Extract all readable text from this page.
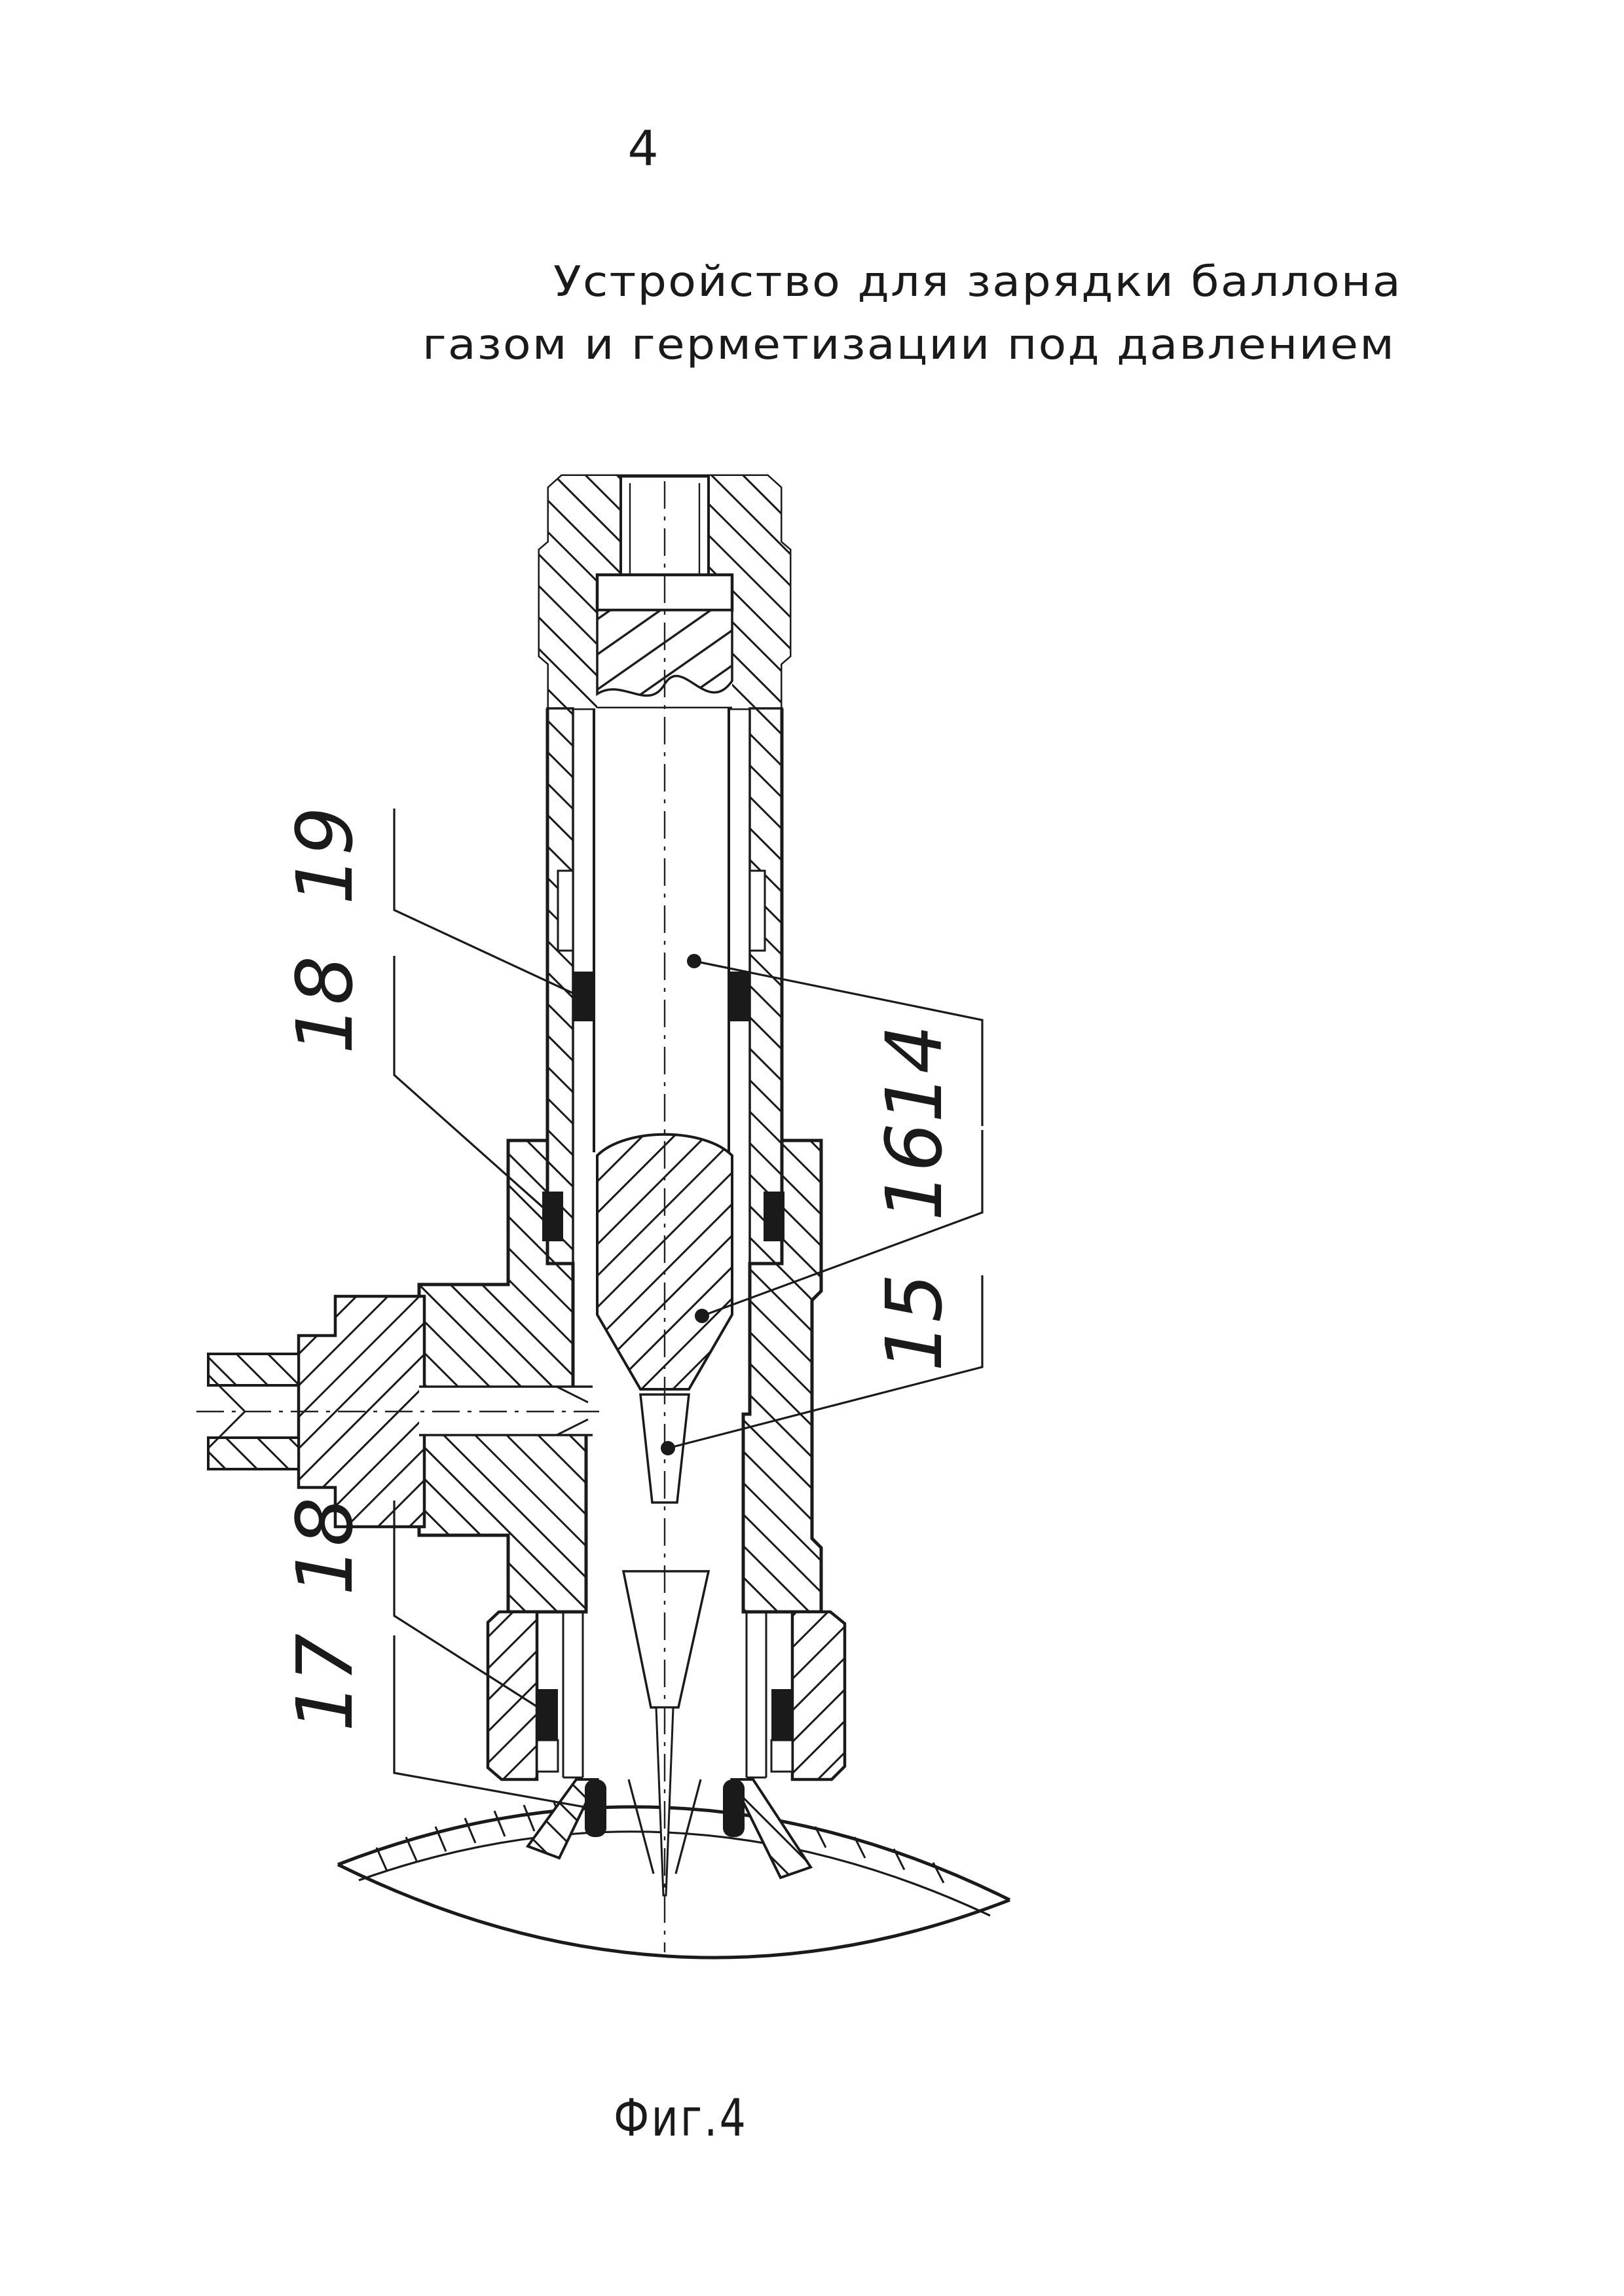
4
Устройство для зарядки баллона
газом и герметизации под давлением
19
18
14
16
15
18
17
Фиг.4
